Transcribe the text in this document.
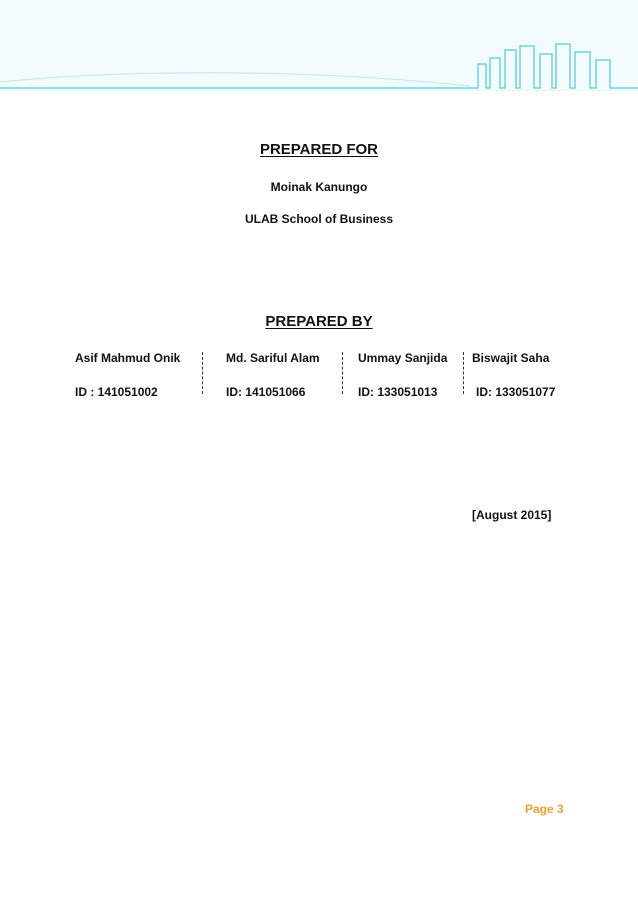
PREPARED FOR
Moinak Kanungo
ULAB School of Business
PREPARED BY
Asif Mahmud Onik
ID : 141051002
Md. Sariful Alam
ID: 141051066
Ummay Sanjida
ID: 133051013
Biswajit Saha
ID: 133051077
[August 2015]
Page 3
